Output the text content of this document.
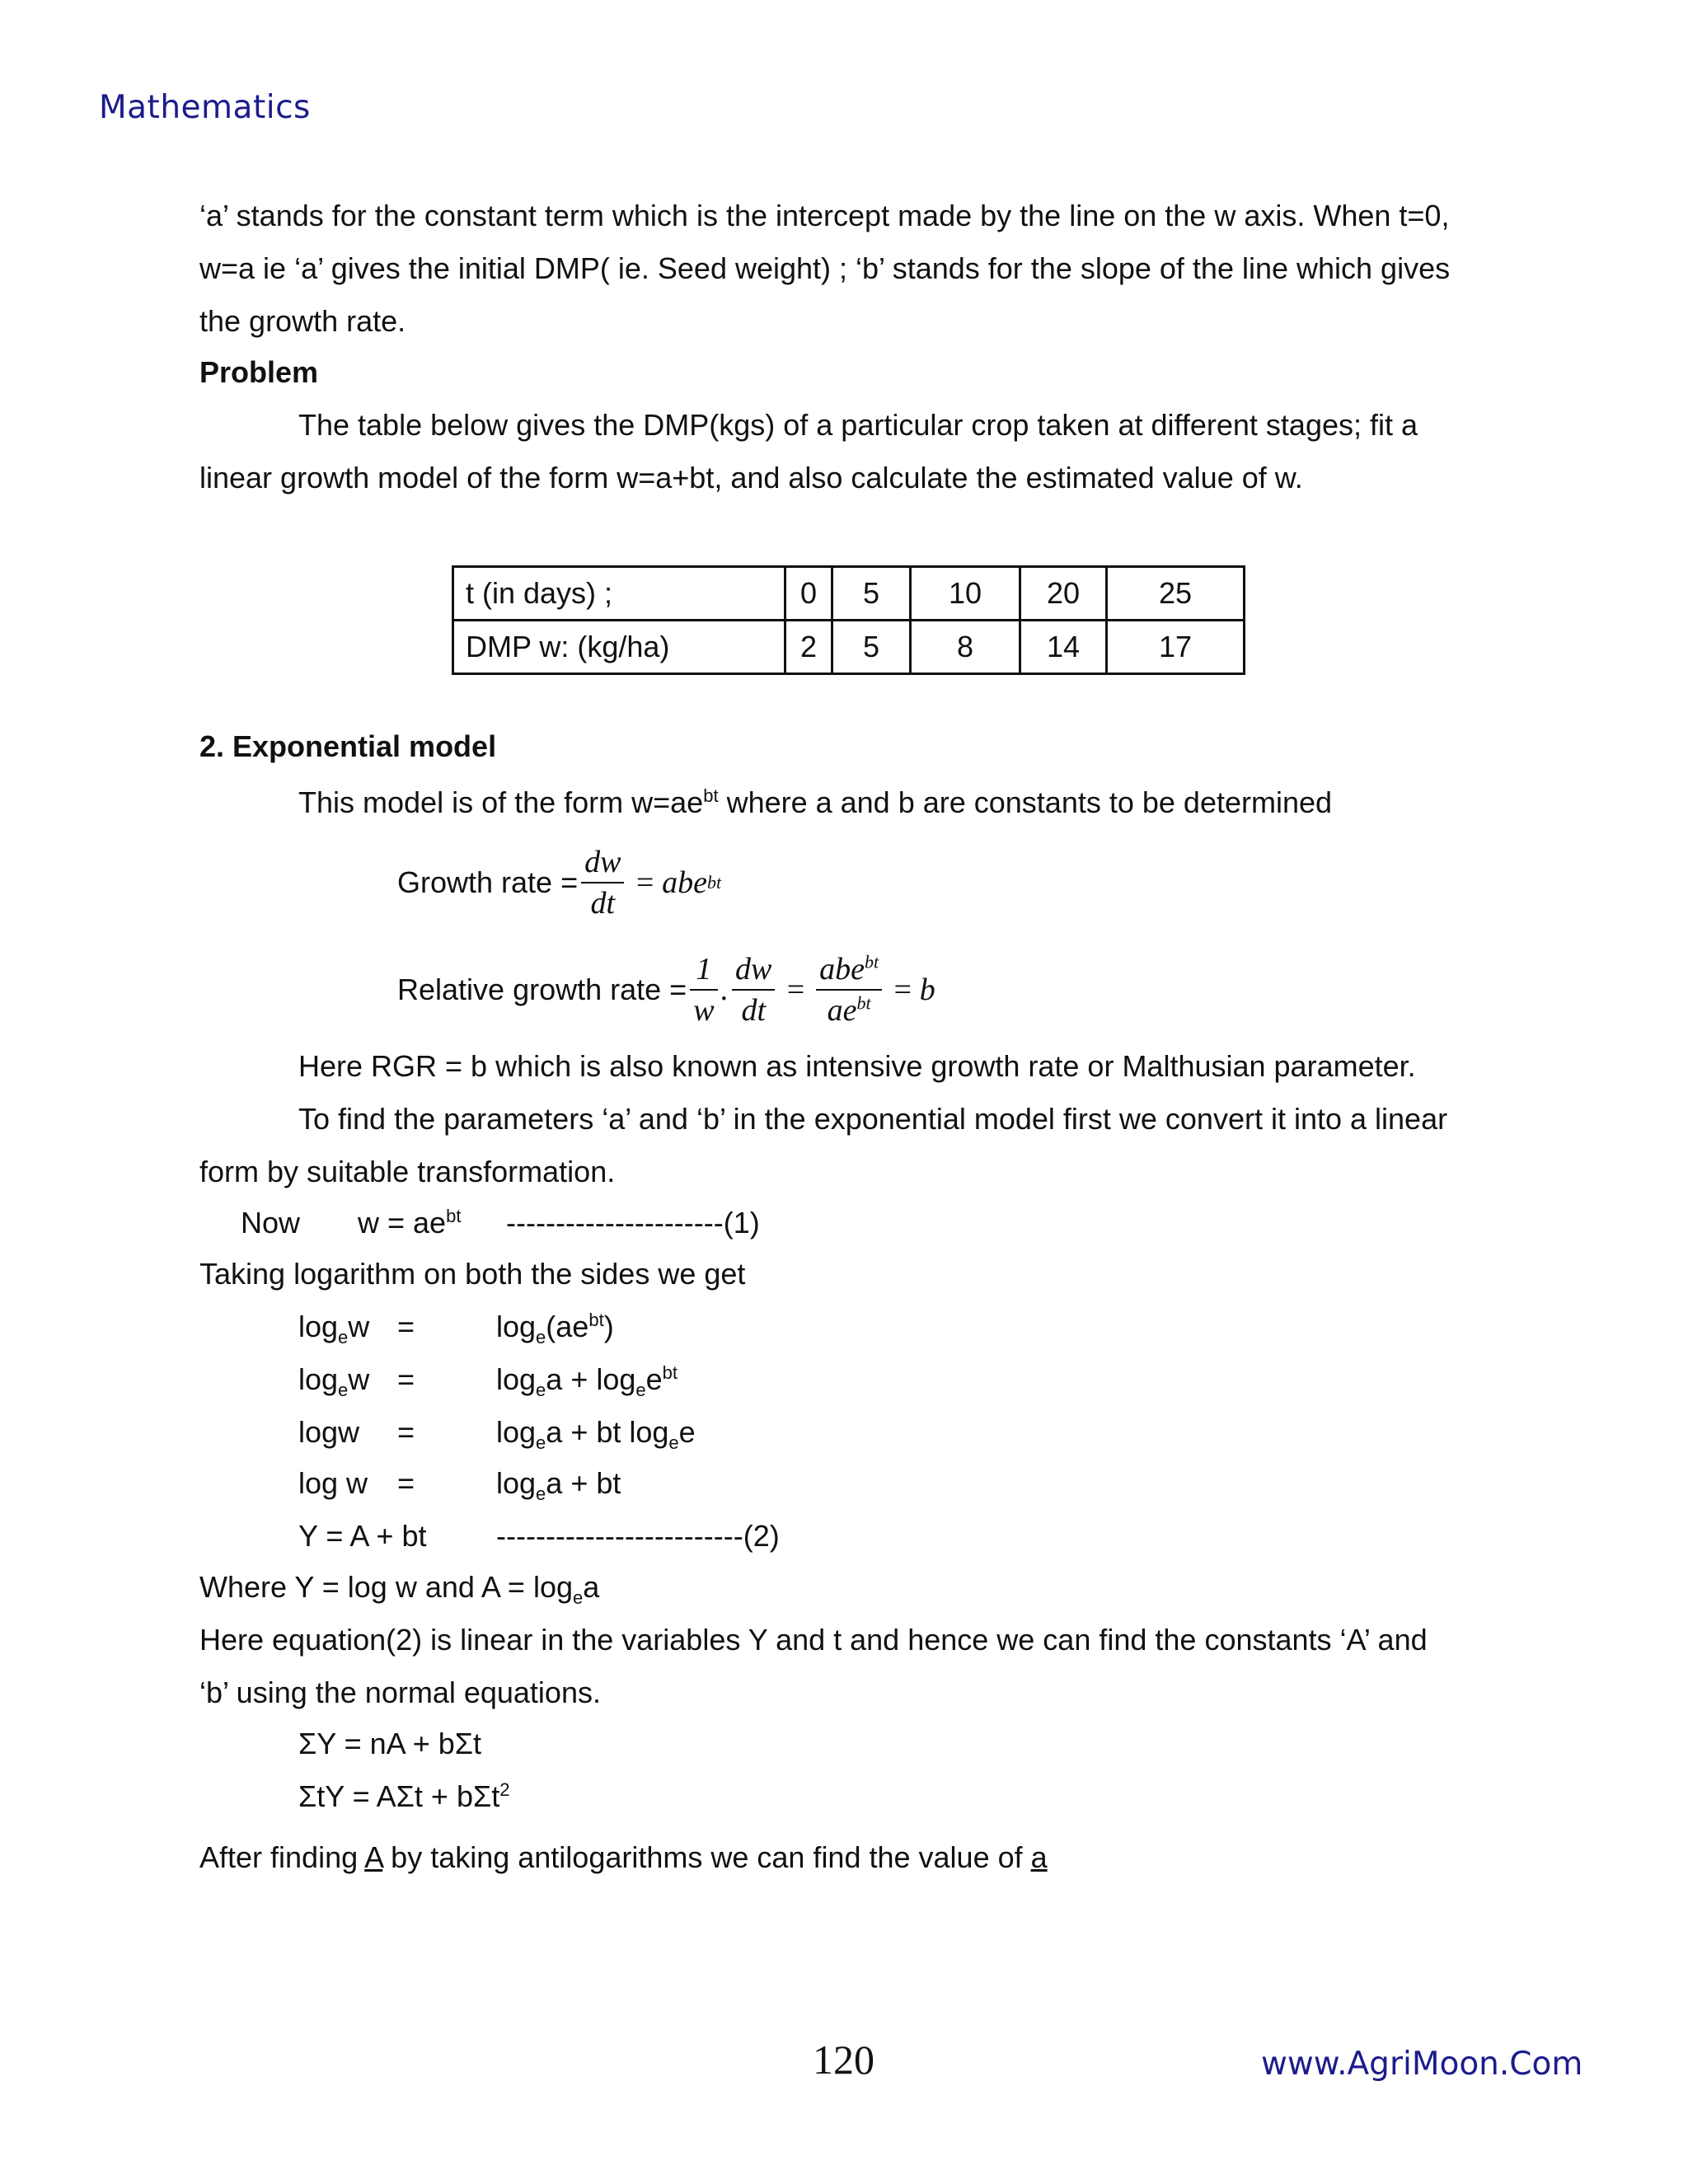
Mathematics
‘a’ stands for the constant term which is the intercept made by the line on the w axis. When t=0,
w=a ie ‘a’ gives the initial DMP( ie. Seed weight) ; ‘b’ stands for the slope of the line which gives
the growth rate.
Problem
The table below gives the DMP(kgs) of a particular crop taken at different stages; fit a
linear growth model of the form w=a+bt, and also calculate the estimated value of w.
t (in days) ;	0	5	10	20	25
DMP w: (kg/ha)	2	5	8	14	17
2. Exponential model
This model is of the form $w=ae^{bt}$ where a and b are constants to be determined
Growth rate = $\frac{dw}{dt}$ = abe bt
Relative growth rate = $\frac{1}{w}$ . $\frac{dw}{dt} = \frac{abe^{bt}}{ae^{bt}} = b$
Here RGR = b which is also known as intensive growth rate or Malthusian parameter.
To find the parameters ‘a’ and ‘b’ in the exponential model first we convert it into a linear
form by suitable transformation.
Now $w = ae^{bt}$ ----------------------(1)
Taking logarithm on both the sides we get
$\log_ew$ =	$\log_e(ae^{bt})$
$\log_ew$ =	$\log_ea + \log_ee^{bt}$
logw =	$\log_ea$ + bt $\log_ee$
log w =	$\log_ea$ + bt
Y = A + bt -------------------------(2)
Where Y = log w and $A = \log_ea$
Here equation(2) is linear in the variables Y and t and hence we can find the constants ‘A’ and
‘b’ using the normal equations.
ΣY = nA + bΣt
ΣtY = AΣt + bΣt$^2$
After finding A by taking antilogarithms we can find the value of a
120	www.AgriMoon.Com
